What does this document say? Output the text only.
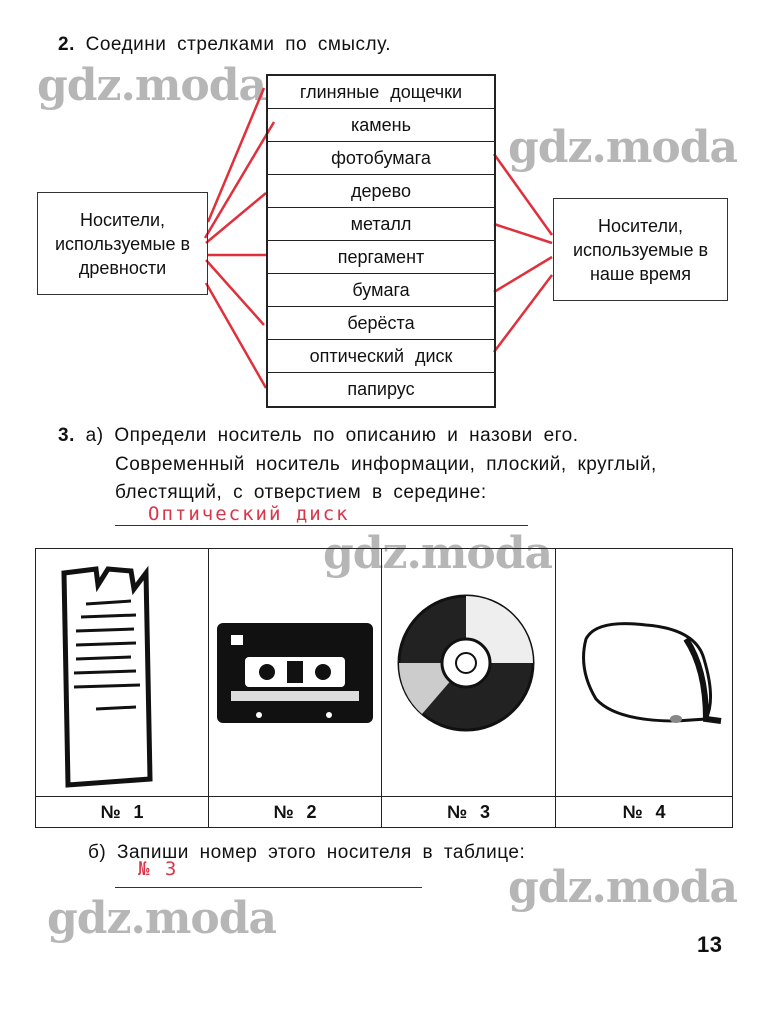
gdz.moda
gdz.moda
gdz.moda
gdz.moda
gdz.moda
2. Соедини стрелками по смыслу.
глиняные дощечки
камень
фотобумага
дерево
металл
пергамент
бумага
берёста
оптический диск
папирус
Носители, используемые в древности
Носители, используемые в наше время
3. а) Определи носитель по описанию и назови его.
Современный носитель информации, плоский, круглый,
блестящий, с отверстием в середине:
Оптический диск
№ 1	№ 2	№ 3	№ 4
б) Запиши номер этого носителя в таблице:
№ 3
13
